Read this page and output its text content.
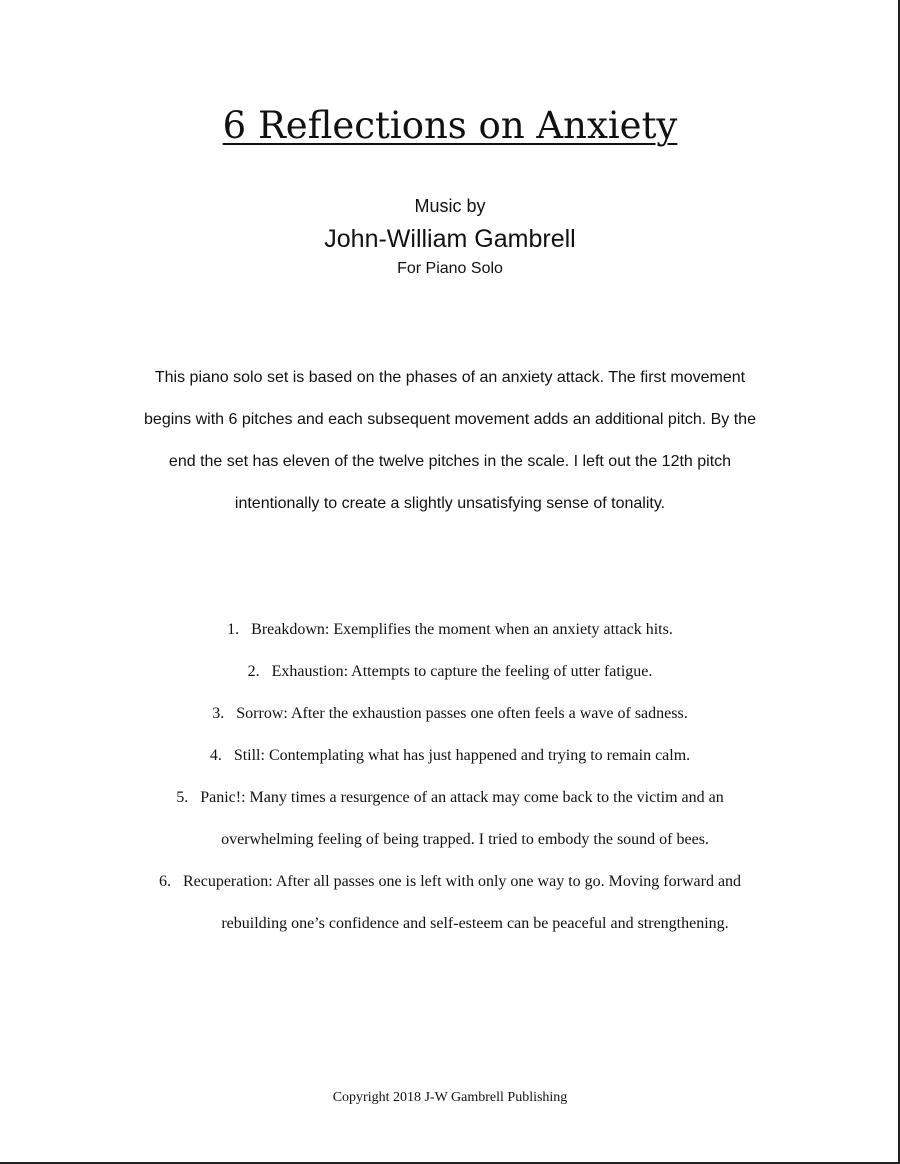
6 Reflections on Anxiety
Music by
John-William Gambrell
For Piano Solo
This piano solo set is based on the phases of an anxiety attack. The first movement
begins with 6 pitches and each subsequent movement adds an additional pitch. By the
end the set has eleven of the twelve pitches in the scale. I left out the 12th pitch
intentionally to create a slightly unsatisfying sense of tonality.
1. Breakdown: Exemplifies the moment when an anxiety attack hits.
2. Exhaustion: Attempts to capture the feeling of utter fatigue.
3. Sorrow: After the exhaustion passes one often feels a wave of sadness.
4. Still: Contemplating what has just happened and trying to remain calm.
5. Panic!: Many times a resurgence of an attack may come back to the victim and an
overwhelming feeling of being trapped. I tried to embody the sound of bees.
6. Recuperation: After all passes one is left with only one way to go. Moving forward and
rebuilding one’s confidence and self-esteem can be peaceful and strengthening.
Copyright 2018 J-W Gambrell Publishing
